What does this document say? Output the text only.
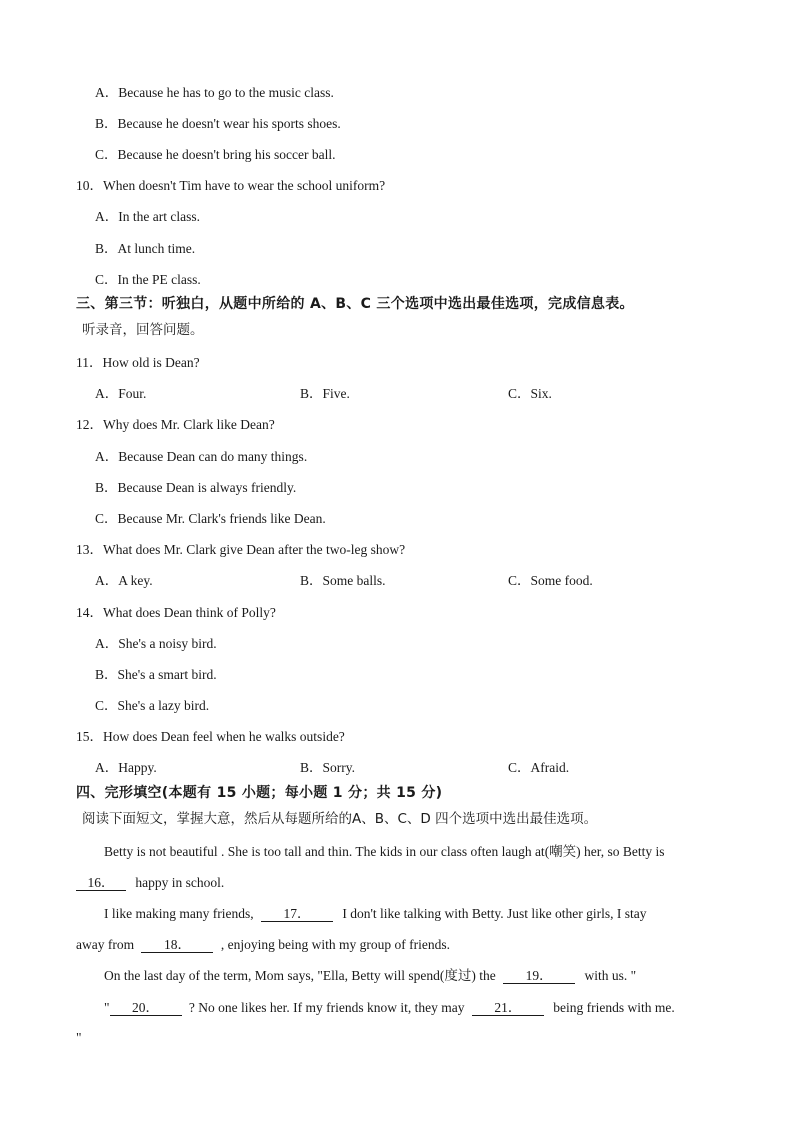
A．Because he has to go to the music class.
B．Because he doesn't wear his sports shoes.
C．Because he doesn't bring his soccer ball.
10．When doesn't Tim have to wear the school uniform?
A．In the art class.
B．At lunch time.
C．In the PE class.
三、第三节：听独白，从题中所给的 A、B、C 三个选项中选出最佳选项，完成信息表。
听录音，回答问题。
11．How old is Dean?
A．Four.	B．Five.	C．Six.
12．Why does Mr. Clark like Dean?
A．Because Dean can do many things.
B．Because Dean is always friendly.
C．Because Mr. Clark's friends like Dean.
13．What does Mr. Clark give Dean after the two-leg show?
A．A key.	B．Some balls.	C．Some food.
14．What does Dean think of Polly?
A．She's a noisy bird.
B．She's a smart bird.
C．She's a lazy bird.
15．How does Dean feel when he walks outside?
A．Happy.	B．Sorry.	C．Afraid.
四、完形填空(本题有 15 小题；每小题 1 分；共 15 分)
阅读下面短文，掌握大意，然后从每题所给的A、B、C、D 四个选项中选出最佳选项。
Betty is not beautiful . She is too tall and thin. The kids in our class often laugh at(嘲笑) her, so Betty is
16． happy in school.
I like making many friends, 17． I don't like talking with Betty. Just like other girls, I stay
away from 18． , enjoying being with my group of friends.
On the last day of the term, Mom says, "Ella, Betty will spend(度过) the 19． with us. "
" 20． ? No one likes her. If my friends know it, they may 21． being friends with me.
"
